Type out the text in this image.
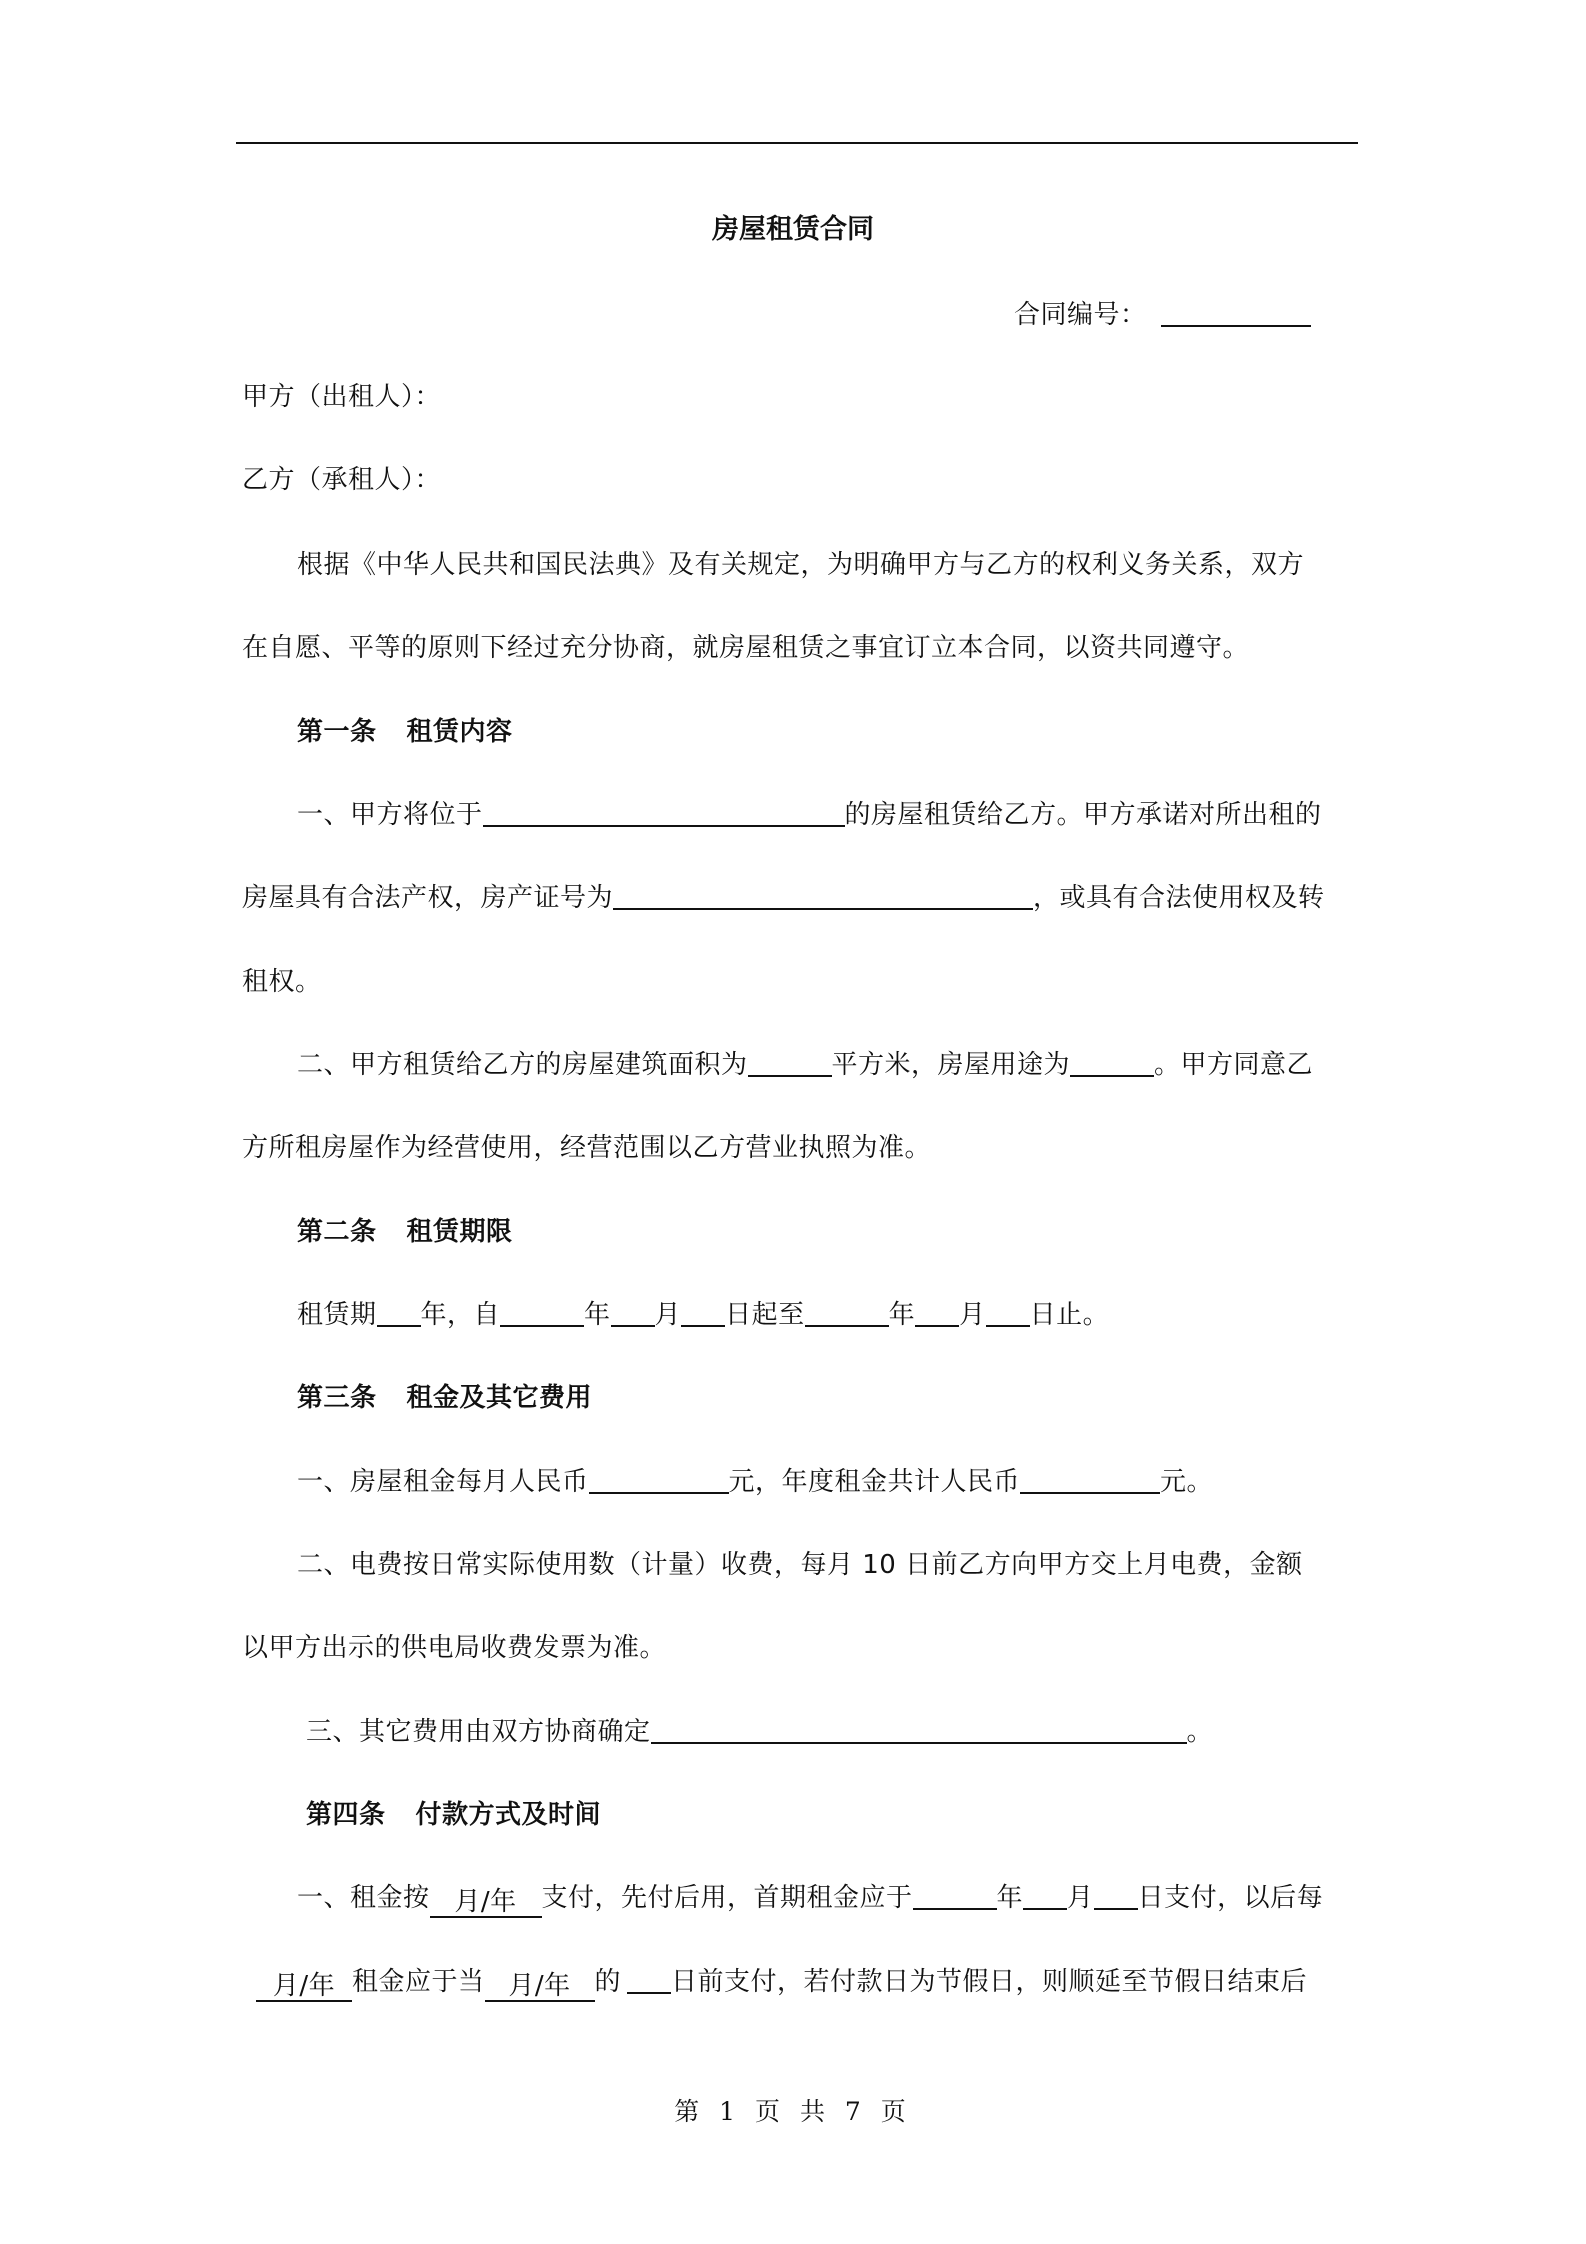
房屋租赁合同
合同编号：
甲方（出租人）：
乙方（承租人）：
根据《中华人民共和国民法典》及有关规定，为明确甲方与乙方的权利义务关系，双方
在自愿、平等的原则下经过充分协商，就房屋租赁之事宜订立本合同，以资共同遵守。
第一条 租赁内容
一、甲方将位于	的房屋租赁给乙方。甲方承诺对所出租的
房屋具有合法产权，房产证号为	，或具有合法使用权及转
租权。
二、甲方租赁给乙方的房屋建筑面积为	平方米，房屋用途为	。甲方同意乙
方所租房屋作为经营使用，经营范围以乙方营业执照为准。
第二条 租赁期限
租赁期 年，自	年 月 日起至	年 月 日止。
第三条 租金及其它费用
一、房屋租金每月人民币	元，年度租金共计人民币	元。
二、电费按日常实际使用数（计量）收费，每月 10 日前乙方向甲方交上月电费，金额
以甲方出示的供电局收费发票为准。
三、其它费用由双方协商确定	。
第四条 付款方式及时间
一、租金按 月/年 支付，先付后用，首期租金应于	年 月 日支付，以后每
月/年 租金应于当 月/年 的 日前支付，若付款日为节假日，则顺延至节假日结束后
第 1 页 共 7 页
